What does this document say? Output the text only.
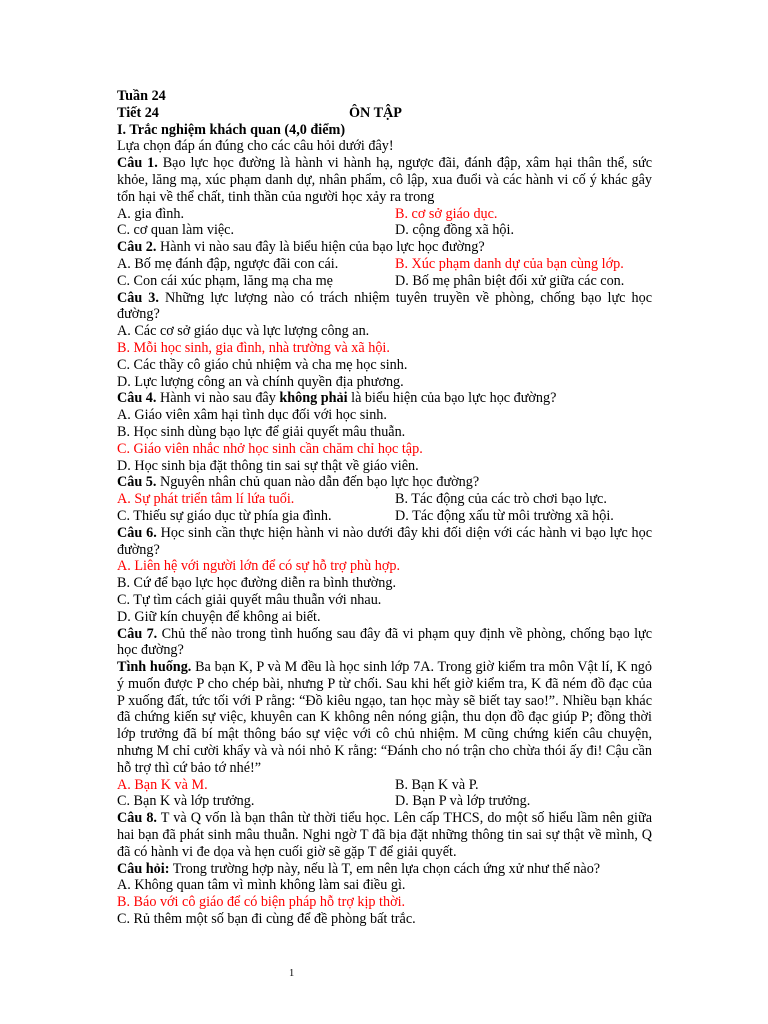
Tuần 24
Tiết 24	ÔN TẬP
I. Trắc nghiệm khách quan (4,0 điểm)
Lựa chọn đáp án đúng cho các câu hỏi dưới đây!
Câu 1. Bạo lực học đường là hành vi hành hạ, ngược đãi, đánh đập, xâm hại thân thể, sức khỏe, lăng mạ, xúc phạm danh dự, nhân phẩm, cô lập, xua đuổi và các hành vi cố ý khác gây tổn hại về thể chất, tinh thần của người học xảy ra trong
A. gia đình.	B. cơ sở giáo dục.
C. cơ quan làm việc.	D. cộng đồng xã hội.
Câu 2. Hành vi nào sau đây là biểu hiện của bạo lực học đường?
A. Bố mẹ đánh đập, ngược đãi con cái.	B. Xúc phạm danh dự của bạn cùng lớp.
C. Con cái xúc phạm, lăng mạ cha mẹ	D. Bố mẹ phân biệt đối xử giữa các con.
Câu 3. Những lực lượng nào có trách nhiệm tuyên truyền về phòng, chống bạo lực học đường?
A. Các cơ sở giáo dục và lực lượng công an.
B. Mỗi học sinh, gia đình, nhà trường và xã hội.
C. Các thầy cô giáo chủ nhiệm và cha mẹ học sinh.
D. Lực lượng công an và chính quyền địa phương.
Câu 4. Hành vi nào sau đây không phải là biểu hiện của bạo lực học đường?
A. Giáo viên xâm hại tình dục đối với học sinh.
B. Học sinh dùng bạo lực để giải quyết mâu thuẫn.
C. Giáo viên nhắc nhở học sinh cần chăm chỉ học tập.
D. Học sinh bịa đặt thông tin sai sự thật về giáo viên.
Câu 5. Nguyên nhân chủ quan nào dẫn đến bạo lực học đường?
A. Sự phát triển tâm lí lứa tuổi.	B. Tác động của các trò chơi bạo lực.
C. Thiếu sự giáo dục từ phía gia đình.	D. Tác động xấu từ môi trường xã hội.
Câu 6. Học sinh cần thực hiện hành vi nào dưới đây khi đối diện với các hành vi bạo lực học đường?
A. Liên hệ với người lớn để có sự hỗ trợ phù hợp.
B. Cứ để bạo lực học đường diễn ra bình thường.
C. Tự tìm cách giải quyết mâu thuẫn với nhau.
D. Giữ kín chuyện để không ai biết.
Câu 7. Chủ thể nào trong tình huống sau đây đã vi phạm quy định về phòng, chống bạo lực học đường?
Tình huống. Ba bạn K, P và M đều là học sinh lớp 7A. Trong giờ kiểm tra môn Vật lí, K ngỏ ý muốn được P cho chép bài, nhưng P từ chối. Sau khi hết giờ kiểm tra, K đã ném đồ đạc của P xuống đất, tức tối với P rằng: “Đồ kiêu ngạo, tan học mày sẽ biết tay sao!”. Nhiều bạn khác đã chứng kiến sự việc, khuyên can K không nên nóng giận, thu dọn đồ đạc giúp P; đồng thời lớp trưởng đã bí mật thông báo sự việc với cô chủ nhiệm. M cũng chứng kiến câu chuyện, nhưng M chỉ cười khẩy và và nói nhỏ K rằng: “Đánh cho nó trận cho chừa thói ấy đi! Cậu cần hỗ trợ thì cứ bảo tớ nhé!”
A. Bạn K và M.	B. Bạn K và P.
C. Bạn K và lớp trưởng.	D. Bạn P và lớp trưởng.
Câu 8. T và Q vốn là bạn thân từ thời tiểu học. Lên cấp THCS, do một số hiểu lầm nên giữa hai bạn đã phát sinh mâu thuẫn. Nghi ngờ T đã bịa đặt những thông tin sai sự thật về mình, Q đã có hành vi đe dọa và hẹn cuối giờ sẽ gặp T để giải quyết.
Câu hỏi: Trong trường hợp này, nếu là T, em nên lựa chọn cách ứng xử như thế nào?
A. Không quan tâm vì mình không làm sai điều gì.
B. Báo với cô giáo để có biện pháp hỗ trợ kịp thời.
C. Rủ thêm một số bạn đi cùng để đề phòng bất trắc.
1
